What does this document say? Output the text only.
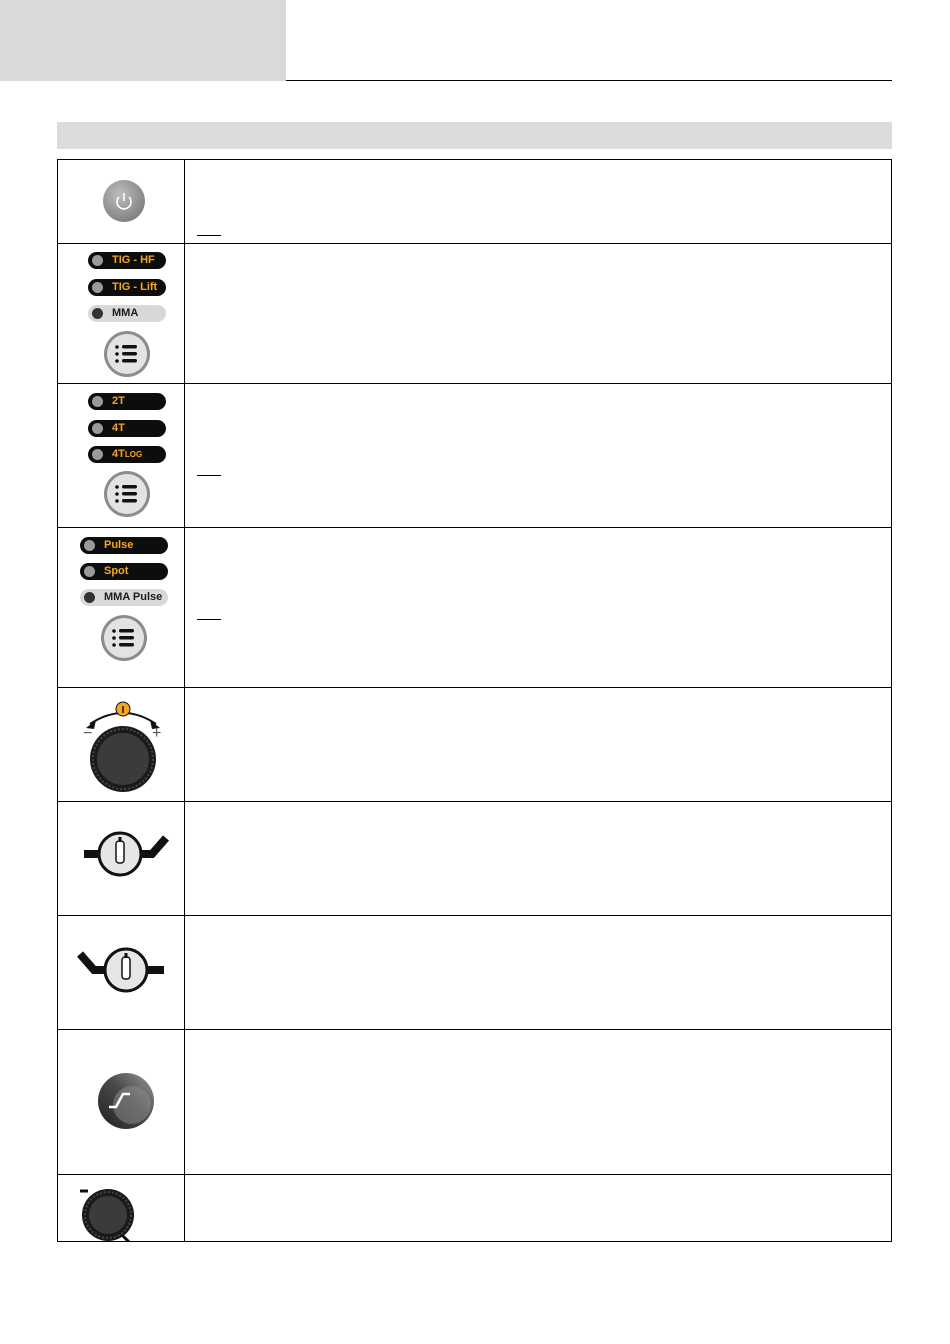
TIG - HF
TIG - Lift
MMA
2T
4T
4TLOG
Pulse
Spot
MMA Pulse
I
−	+
